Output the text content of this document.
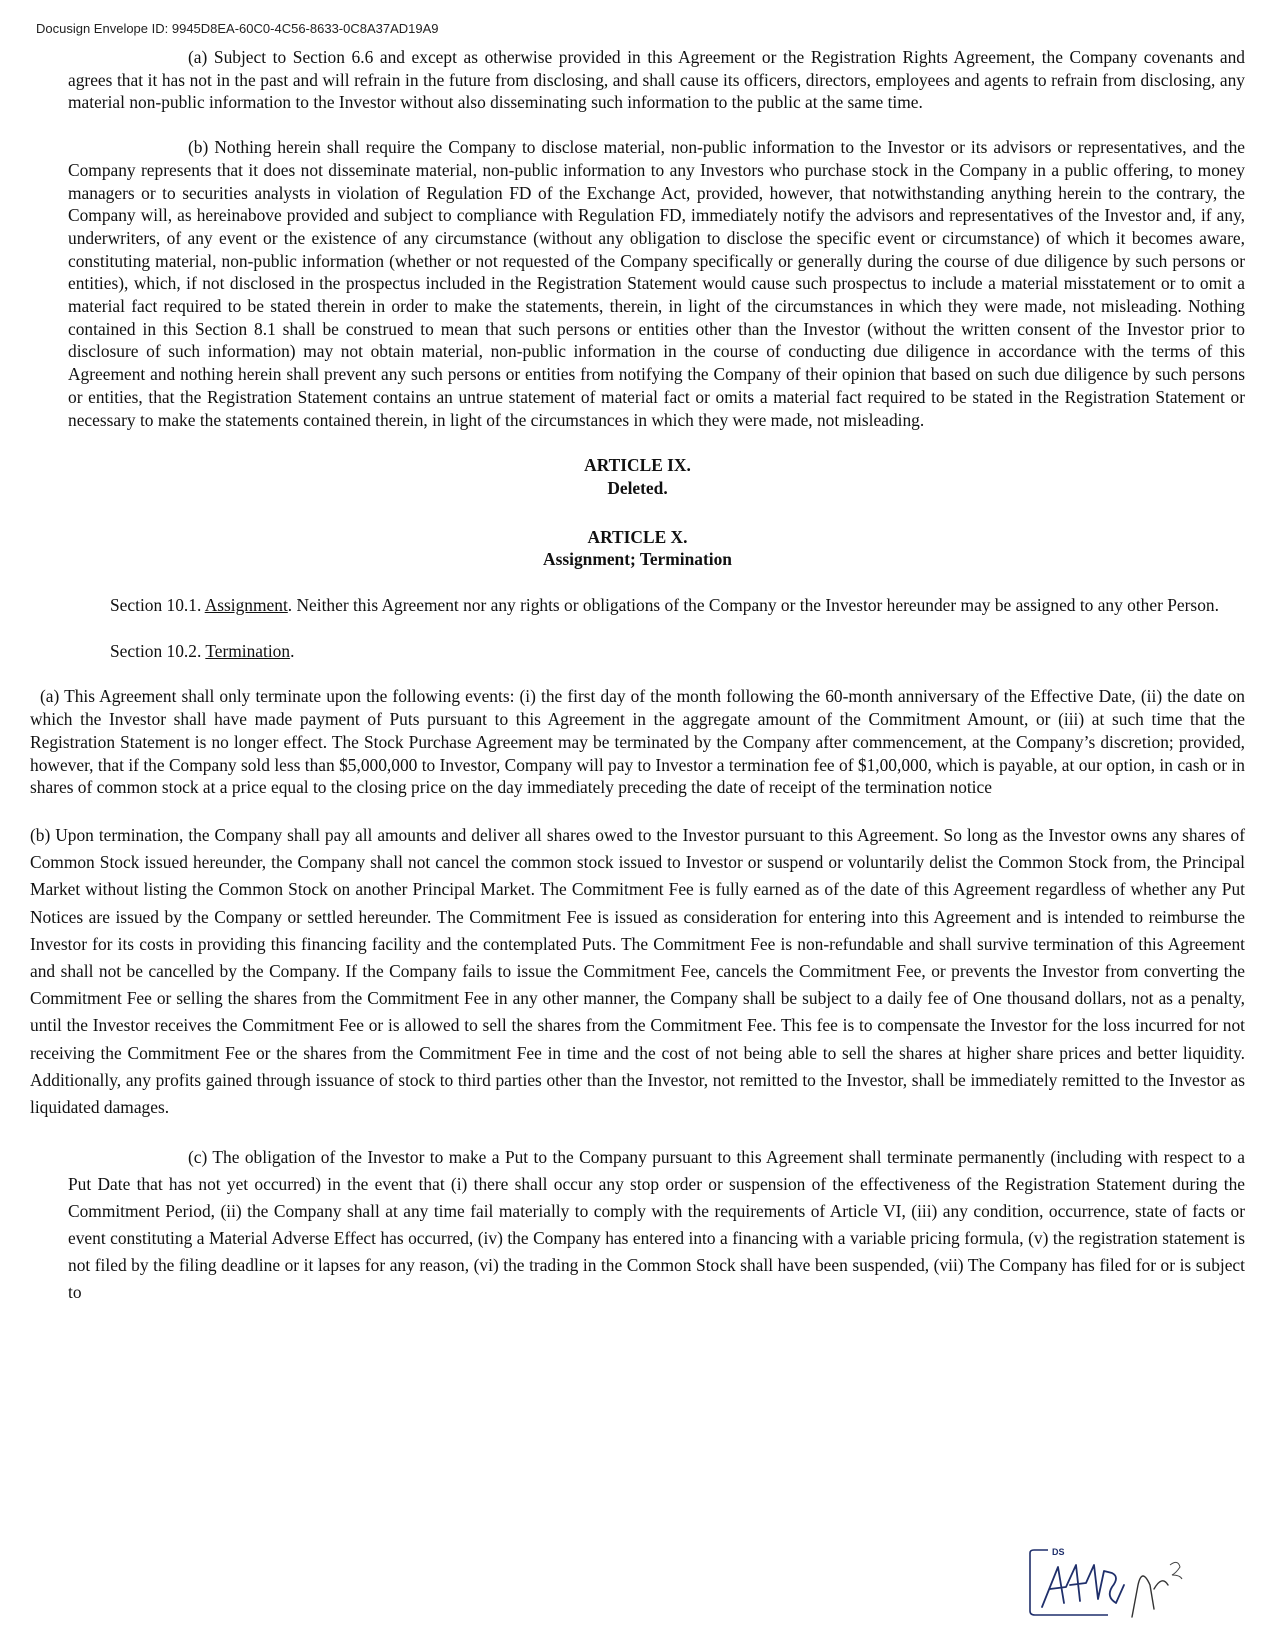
Docusign Envelope ID: 9945D8EA-60C0-4C56-8633-0C8A37AD19A9

(a) Subject to Section 6.6 and except as otherwise provided in this Agreement or the Registration Rights Agreement, the Company covenants and agrees that it has not in the past and will refrain in the future from disclosing, and shall cause its officers, directors, employees and agents to refrain from disclosing, any material non-public information to the Investor without also disseminating such information to the public at the same time.

(b) Nothing herein shall require the Company to disclose material, non-public information to the Investor or its advisors or representatives, and the Company represents that it does not disseminate material, non-public information to any Investors who purchase stock in the Company in a public offering, to money managers or to securities analysts in violation of Regulation FD of the Exchange Act, provided, however, that notwithstanding anything herein to the contrary, the Company will, as hereinabove provided and subject to compliance with Regulation FD, immediately notify the advisors and representatives of the Investor and, if any, underwriters, of any event or the existence of any circumstance (without any obligation to disclose the specific event or circumstance) of which it becomes aware, constituting material, non-public information (whether or not requested of the Company specifically or generally during the course of due diligence by such persons or entities), which, if not disclosed in the prospectus included in the Registration Statement would cause such prospectus to include a material misstatement or to omit a material fact required to be stated therein in order to make the statements, therein, in light of the circumstances in which they were made, not misleading. Nothing contained in this Section 8.1 shall be construed to mean that such persons or entities other than the Investor (without the written consent of the Investor prior to disclosure of such information) may not obtain material, non-public information in the course of conducting due diligence in accordance with the terms of this Agreement and nothing herein shall prevent any such persons or entities from notifying the Company of their opinion that based on such due diligence by such persons or entities, that the Registration Statement contains an untrue statement of material fact or omits a material fact required to be stated in the Registration Statement or necessary to make the statements contained therein, in light of the circumstances in which they were made, not misleading.

ARTICLE IX.

Deleted.

ARTICLE X.

Assignment; Termination

Section 10.1. Assignment. Neither this Agreement nor any rights or obligations of the Company or the Investor hereunder may be assigned to any other Person.

Section 10.2. Termination.

(a) This Agreement shall only terminate upon the following events: (i) the first day of the month following the 60-month anniversary of the Effective Date, (ii) the date on which the Investor shall have made payment of Puts pursuant to this Agreement in the aggregate amount of the Commitment Amount, or (iii) at such time that the Registration Statement is no longer effect. The Stock Purchase Agreement may be terminated by the Company after commencement, at the Company’s discretion; provided, however, that if the Company sold less than $5,000,000 to Investor, Company will pay to Investor a termination fee of $1,00,000, which is payable, at our option, in cash or in shares of common stock at a price equal to the closing price on the day immediately preceding the date of receipt of the termination notice

(b) Upon termination, the Company shall pay all amounts and deliver all shares owed to the Investor pursuant to this Agreement. So long as the Investor owns any shares of Common Stock issued hereunder, the Company shall not cancel the common stock issued to Investor or suspend or voluntarily delist the Common Stock from, the Principal Market without listing the Common Stock on another Principal Market. The Commitment Fee is fully earned as of the date of this Agreement regardless of whether any Put Notices are issued by the Company or settled hereunder. The Commitment Fee is issued as consideration for entering into this Agreement and is intended to reimburse the Investor for its costs in providing this financing facility and the contemplated Puts. The Commitment Fee is non-refundable and shall survive termination of this Agreement and shall not be cancelled by the Company. If the Company fails to issue the Commitment Fee, cancels the Commitment Fee, or prevents the Investor from converting the Commitment Fee or selling the shares from the Commitment Fee in any other manner, the Company shall be subject to a daily fee of One thousand dollars, not as a penalty, until the Investor receives the Commitment Fee or is allowed to sell the shares from the Commitment Fee. This fee is to compensate the Investor for the loss incurred for not receiving the Commitment Fee or the shares from the Commitment Fee in time and the cost of not being able to sell the shares at higher share prices and better liquidity. Additionally, any profits gained through issuance of stock to third parties other than the Investor, not remitted to the Investor, shall be immediately remitted to the Investor as liquidated damages.

(c) The obligation of the Investor to make a Put to the Company pursuant to this Agreement shall terminate permanently (including with respect to a Put Date that has not yet occurred) in the event that (i) there shall occur any stop order or suspension of the effectiveness of the Registration Statement during the Commitment Period, (ii) the Company shall at any time fail materially to comply with the requirements of Article VI, (iii) any condition, occurrence, state of facts or event constituting a Material Adverse Effect has occurred, (iv) the Company has entered into a financing with a variable pricing formula, (v) the registration statement is not filed by the filing deadline or it lapses for any reason, (vi) the trading in the Common Stock shall have been suspended, (vii) The Company has filed for or is subject to

DS
